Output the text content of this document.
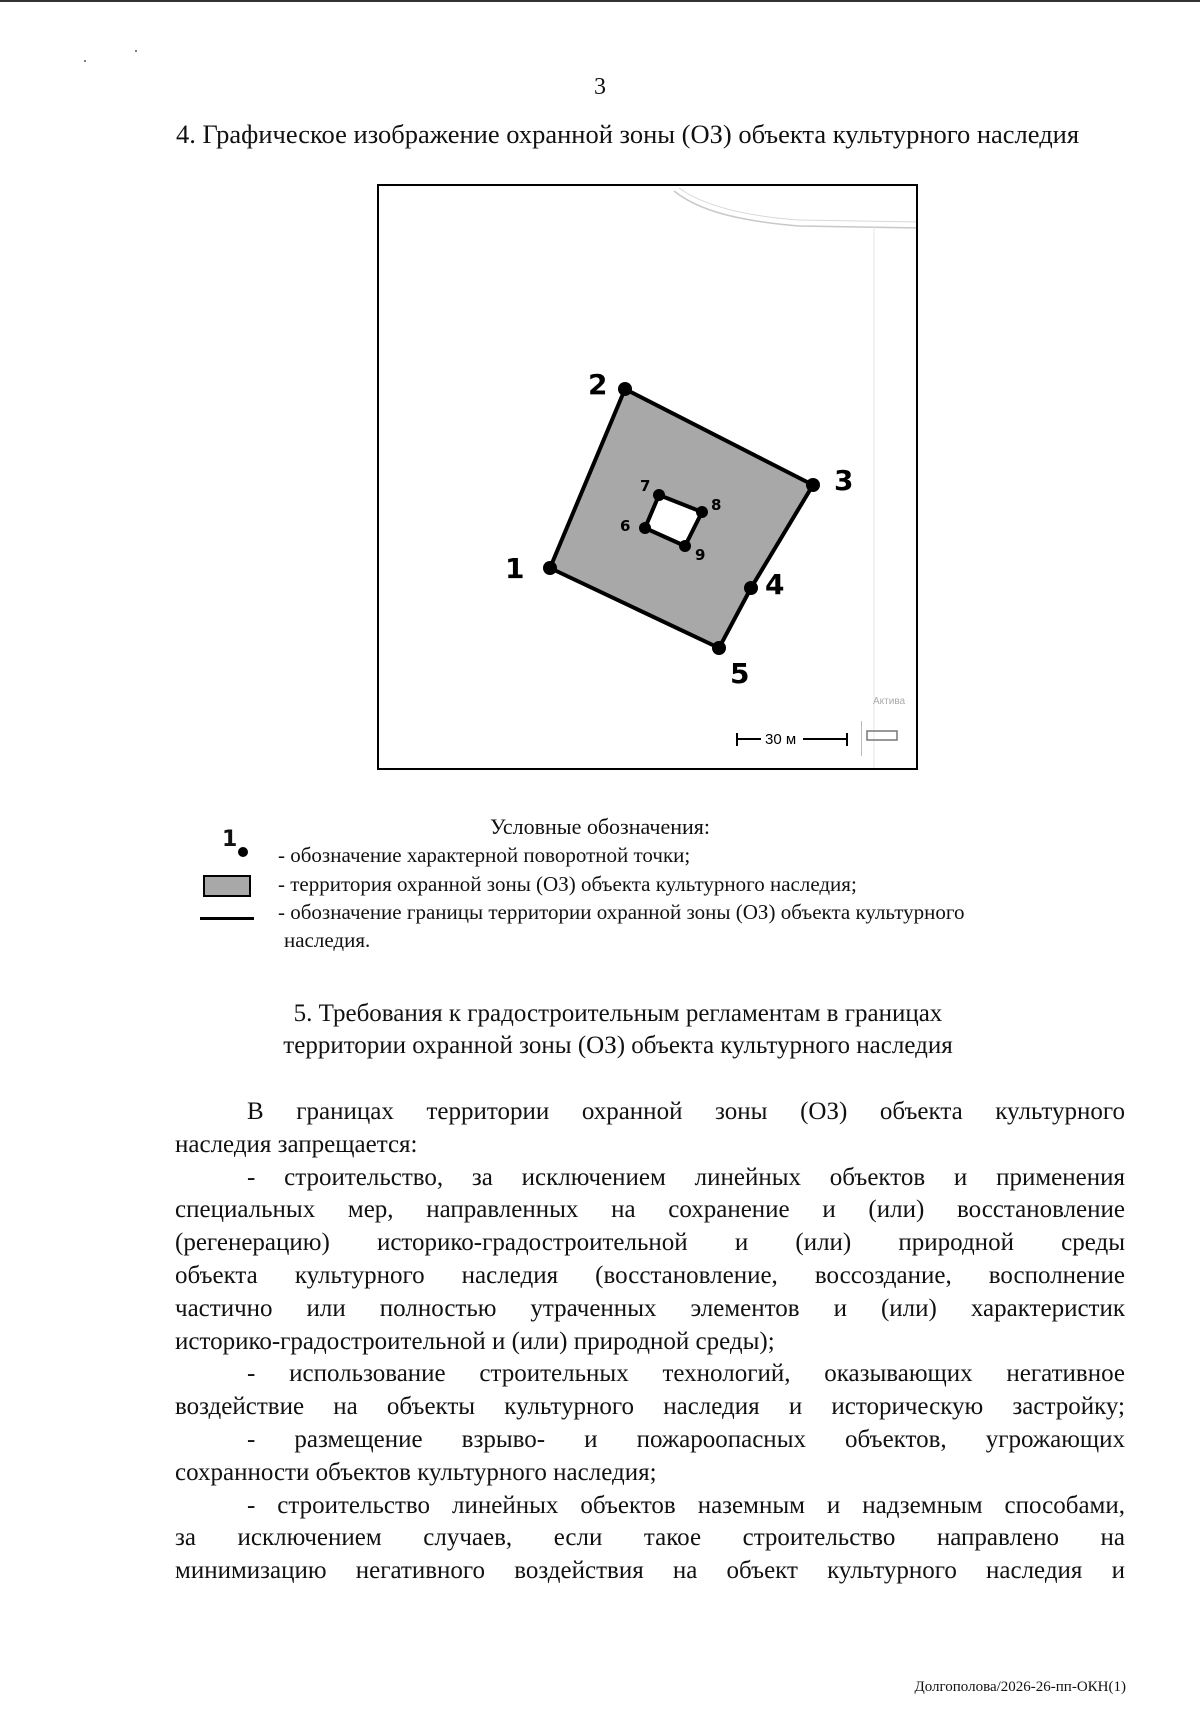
3
4. Графическое изображение охранной зоны (ОЗ) объекта культурного наследия
1
2
3
4
5
6
7
8
9
30 м
Актива
Условные обозначения:
1
- обозначение характерной поворотной точки;
- территория охранной зоны (ОЗ) объекта культурного наследия;
- обозначение границы территории охранной зоны (ОЗ) объекта культурного
наследия.
5. Требования к градостроительным регламентам в границах
территории охранной зоны (ОЗ) объекта культурного наследия
В границах территории охранной зоны (ОЗ) объекта культурного
наследия запрещается:
- строительство, за исключением линейных объектов и применения
специальных мер, направленных на сохранение и (или) восстановление
(регенерацию) историко-градостроительной и (или) природной среды
объекта культурного наследия (восстановление, воссоздание, восполнение
частично или полностью утраченных элементов и (или) характеристик
историко-градостроительной и (или) природной среды);
- использование строительных технологий, оказывающих негативное
воздействие на объекты культурного наследия и историческую застройку;
- размещение взрыво- и пожароопасных объектов, угрожающих
сохранности объектов культурного наследия;
- строительство линейных объектов наземным и надземным способами,
за исключением случаев, если такое строительство направлено на
минимизацию негативного воздействия на объект культурного наследия и
Долгополова/2026-26-пп-ОКН(1)
